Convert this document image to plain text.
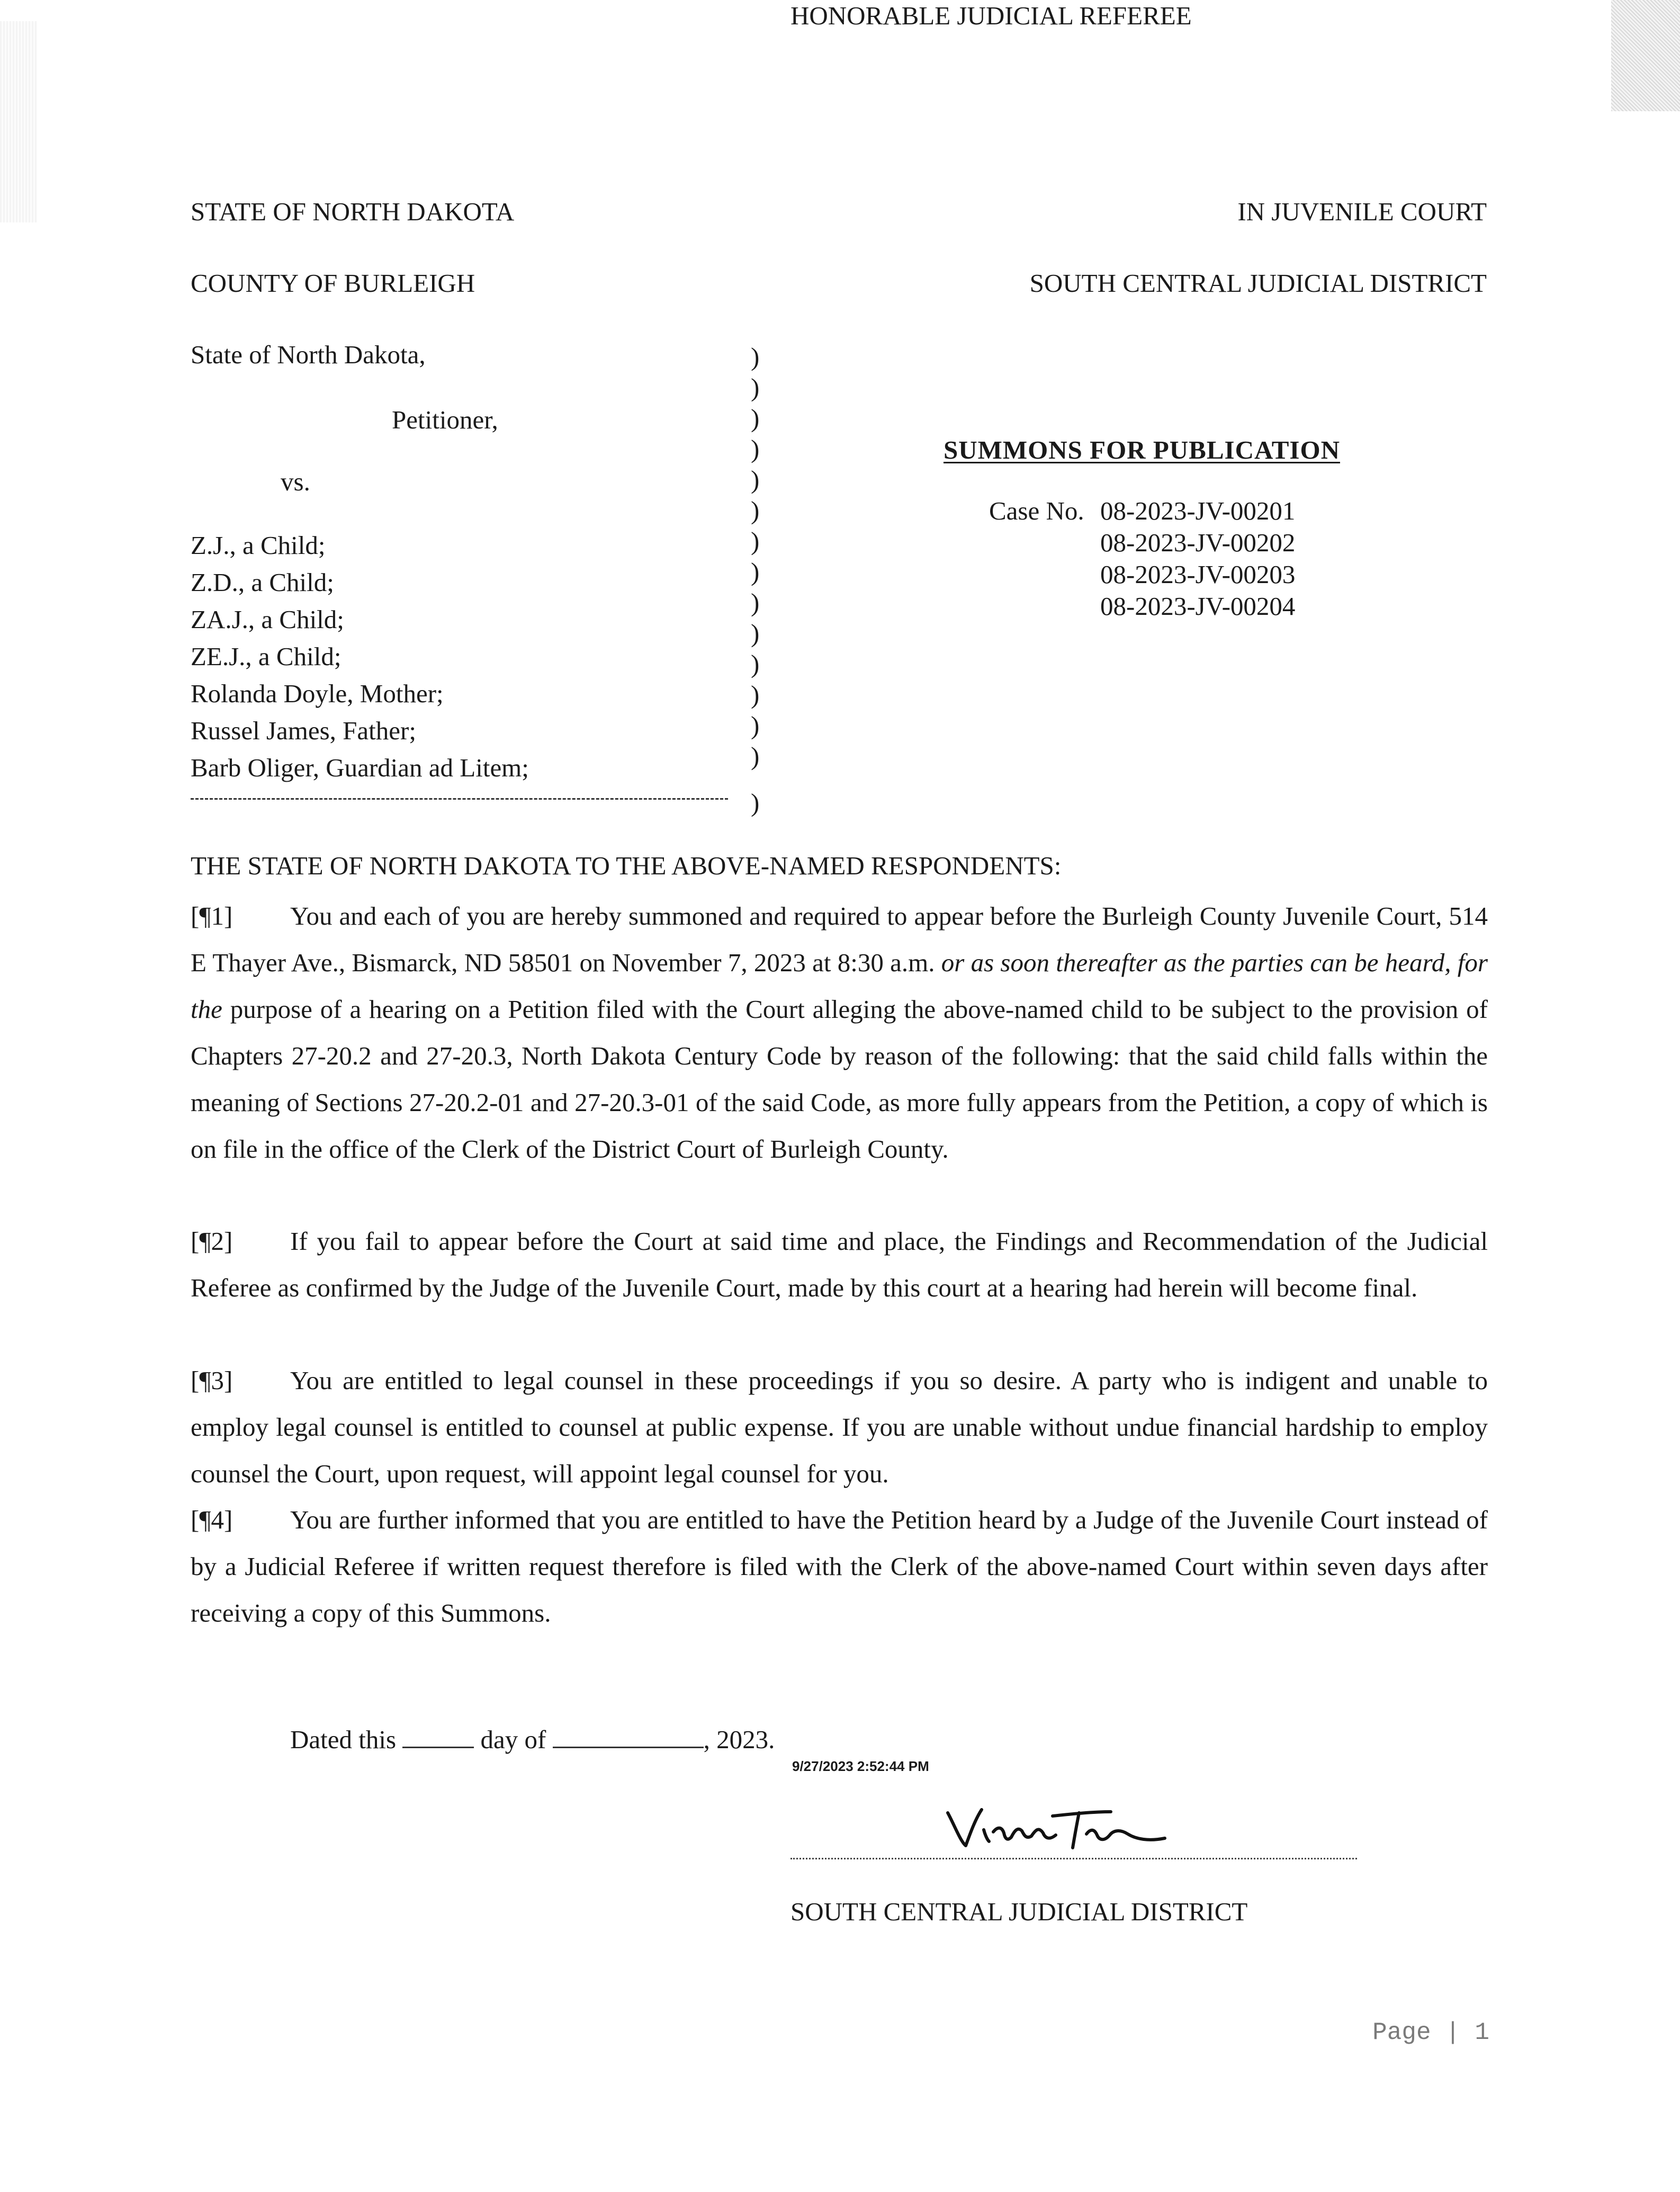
STATE OF NORTH DAKOTA
COUNTY OF BURLEIGH
IN JUVENILE COURT
SOUTH CENTRAL JUDICIAL DISTRICT
State of North Dakota,
Petitioner,
vs.
Z.J., a Child;
Z.D., a Child;
ZA.J., a Child;
ZE.J., a Child;
Rolanda Doyle, Mother;
Russel James, Father;
Barb Oliger, Guardian ad Litem;
)
)
)
)
)
)
)
)
)
)
)
)
)
)
)
SUMMONS FOR PUBLICATION
Case No. 08-2023-JV-00201
08-2023-JV-00202
08-2023-JV-00203
08-2023-JV-00204
THE STATE OF NORTH DAKOTA TO THE ABOVE-NAMED RESPONDENTS:
[¶1] You and each of you are hereby summoned and required to appear before the Burleigh County Juvenile Court, 514 E Thayer Ave., Bismarck, ND 58501 on November 7, 2023 at 8:30 a.m. or as soon thereafter as the parties can be heard, for the purpose of a hearing on a Petition filed with the Court alleging the above-named child to be subject to the provision of Chapters 27-20.2 and 27-20.3, North Dakota Century Code by reason of the following: that the said child falls within the meaning of Sections 27-20.2-01 and 27-20.3-01 of the said Code, as more fully appears from the Petition, a copy of which is on file in the office of the Clerk of the District Court of Burleigh County.
[¶2] If you fail to appear before the Court at said time and place, the Findings and Recommendation of the Judicial Referee as confirmed by the Judge of the Juvenile Court, made by this court at a hearing had herein will become final.
[¶3] You are entitled to legal counsel in these proceedings if you so desire. A party who is indigent and unable to employ legal counsel is entitled to counsel at public expense. If you are unable without undue financial hardship to employ counsel the Court, upon request, will appoint legal counsel for you.
[¶4] You are further informed that you are entitled to have the Petition heard by a Judge of the Juvenile Court instead of by a Judicial Referee if written request therefore is filed with the Clerk of the above-named Court within seven days after receiving a copy of this Summons.
Dated this	day of	, 2023.
9/27/2023 2:52:44 PM
HONORABLE JUDICIAL REFEREE
SOUTH CENTRAL JUDICIAL DISTRICT
Page | 1
